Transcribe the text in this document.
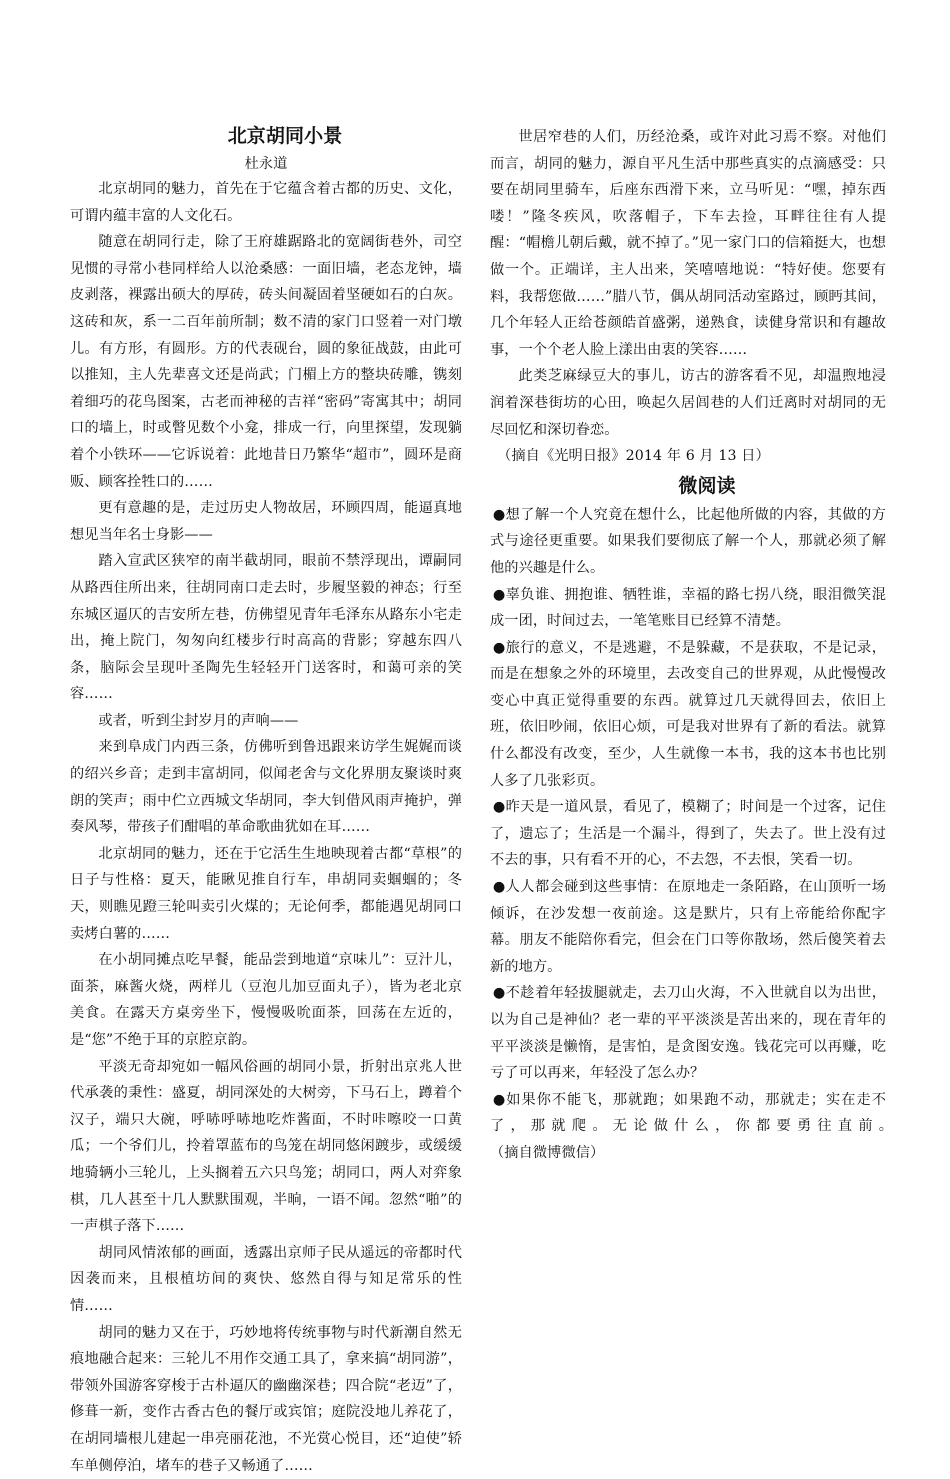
北京胡同小景

杜永道

北京胡同的魅力，首先在于它蕴含着古都的历史、文化，可谓内蕴丰富的人文化石。

随意在胡同行走，除了王府雄踞路北的宽阔街巷外，司空见惯的寻常小巷同样给人以沧桑感：一面旧墙，老态龙钟，墙皮剥落，裸露出硕大的厚砖，砖头间凝固着坚硬如石的白灰。这砖和灰，系一二百年前所制；数不清的家门口竖着一对门墩儿。有方形，有圆形。方的代表砚台，圆的象征战鼓，由此可以推知，主人先辈喜文还是尚武；门楣上方的整块砖雕，镌刻着细巧的花鸟图案，古老而神秘的吉祥“密码”寄寓其中；胡同口的墙上，时或瞥见数个小龛，排成一行，向里探望，发现躺着个小铁环——它诉说着：此地昔日乃繁华“超市”，圆环是商贩、顾客拴牲口的……

更有意趣的是，走过历史人物故居，环顾四周，能逼真地想见当年名士身影——

踏入宣武区狭窄的南半截胡同，眼前不禁浮现出，谭嗣同从路西住所出来，往胡同南口走去时，步履坚毅的神态；行至东城区逼仄的吉安所左巷，仿佛望见青年毛泽东从路东小宅走出，掩上院门，匆匆向红楼步行时高高的背影；穿越东四八条，脑际会呈现叶圣陶先生轻轻开门送客时，和蔼可亲的笑容……

或者，听到尘封岁月的声响——

来到阜成门内西三条，仿佛听到鲁迅跟来访学生娓娓而谈的绍兴乡音；走到丰富胡同，似闻老舍与文化界朋友聚谈时爽朗的笑声；雨中伫立西城文华胡同，李大钊借风雨声掩护，弹奏风琴，带孩子们酣唱的革命歌曲犹如在耳……

北京胡同的魅力，还在于它活生生地映现着古都“草根”的日子与性格：夏天，能瞅见推自行车，串胡同卖蝈蝈的；冬天，则瞧见蹬三轮叫卖引火煤的；无论何季，都能遇见胡同口卖烤白薯的……

在小胡同摊点吃早餐，能品尝到地道“京味儿”：豆汁儿，面茶，麻酱火烧，两样儿（豆泡儿加豆面丸子），皆为老北京美食。在露天方桌旁坐下，慢慢吸吮面茶，回荡在左近的，是“您”不绝于耳的京腔京韵。

平淡无奇却宛如一幅风俗画的胡同小景，折射出京兆人世代承袭的秉性：盛夏，胡同深处的大树旁，下马石上，蹲着个汉子，端只大碗，呼哧呼哧地吃炸酱面，不时咔嚓咬一口黄瓜；一个爷们儿，拎着罩蓝布的鸟笼在胡同悠闲踱步，或缓缓地骑辆小三轮儿，上头搁着五六只鸟笼；胡同口，两人对弈象棋，几人甚至十几人默默围观，半晌，一语不闻。忽然“啪”的一声棋子落下……

胡同风情浓郁的画面，透露出京师子民从遥远的帝都时代因袭而来，且根植坊间的爽快、悠然自得与知足常乐的性情……

胡同的魅力又在于，巧妙地将传统事物与时代新潮自然无痕地融合起来：三轮儿不用作交通工具了，拿来搞“胡同游”，带领外国游客穿梭于古朴逼仄的幽幽深巷；四合院“老迈”了，修葺一新，变作古香古色的餐厅或宾馆；庭院没地儿养花了，在胡同墙根儿建起一串亮丽花池，不光赏心悦目，还“迫使”轿车单侧停泊，堵车的巷子又畅通了……

世居窄巷的人们，历经沧桑，或许对此习焉不察。对他们而言，胡同的魅力，源自平凡生活中那些真实的点滴感受：只要在胡同里骑车，后座东西滑下来，立马听见：“嘿，掉东西喽！”隆冬疾风，吹落帽子，下车去捡，耳畔往往有人提醒：“帽檐儿朝后戴，就不掉了。”见一家门口的信箱挺大，也想做一个。正端详，主人出来，笑嘻嘻地说：“特好使。您要有料，我帮您做……”腊八节，偶从胡同活动室路过，顾眄其间，几个年轻人正给苍颜皓首盛粥，递熟食，读健身常识和有趣故事，一个个老人脸上漾出由衷的笑容……

此类芝麻绿豆大的事儿，访古的游客看不见，却温煦地浸润着深巷街坊的心田，唤起久居闾巷的人们迁离时对胡同的无尽回忆和深切眷恋。

（摘自《光明日报》2014 年 6 月 13 日）

微阅读

●想了解一个人究竟在想什么，比起他所做的内容，其做的方式与途径更重要。如果我们要彻底了解一个人，那就必须了解他的兴趣是什么。

●辜负谁、拥抱谁、牺牲谁，幸福的路七拐八绕，眼泪微笑混成一团，时间过去，一笔笔账目已经算不清楚。

●旅行的意义，不是逃避，不是躲藏，不是获取，不是记录，而是在想象之外的环境里，去改变自己的世界观，从此慢慢改变心中真正觉得重要的东西。就算过几天就得回去，依旧上班，依旧吵闹，依旧心烦，可是我对世界有了新的看法。就算什么都没有改变，至少，人生就像一本书，我的这本书也比别人多了几张彩页。

●昨天是一道风景，看见了，模糊了；时间是一个过客，记住了，遗忘了；生活是一个漏斗，得到了，失去了。世上没有过不去的事，只有看不开的心，不去怨，不去恨，笑看一切。

●人人都会碰到这些事情：在原地走一条陌路，在山顶听一场倾诉，在沙发想一夜前途。这是默片，只有上帝能给你配字幕。朋友不能陪你看完，但会在门口等你散场，然后傻笑着去新的地方。

●不趁着年轻拔腿就走，去刀山火海，不入世就自以为出世，以为自己是神仙？老一辈的平平淡淡是苦出来的，现在青年的平平淡淡是懒惰，是害怕，是贪图安逸。钱花完可以再赚，吃亏了可以再来，年轻没了怎么办？

●如果你不能飞，那就跑；如果跑不动，那就走；实在走不了，那就爬。无论做什么，你都要勇往直前。　（摘自微博微信）
